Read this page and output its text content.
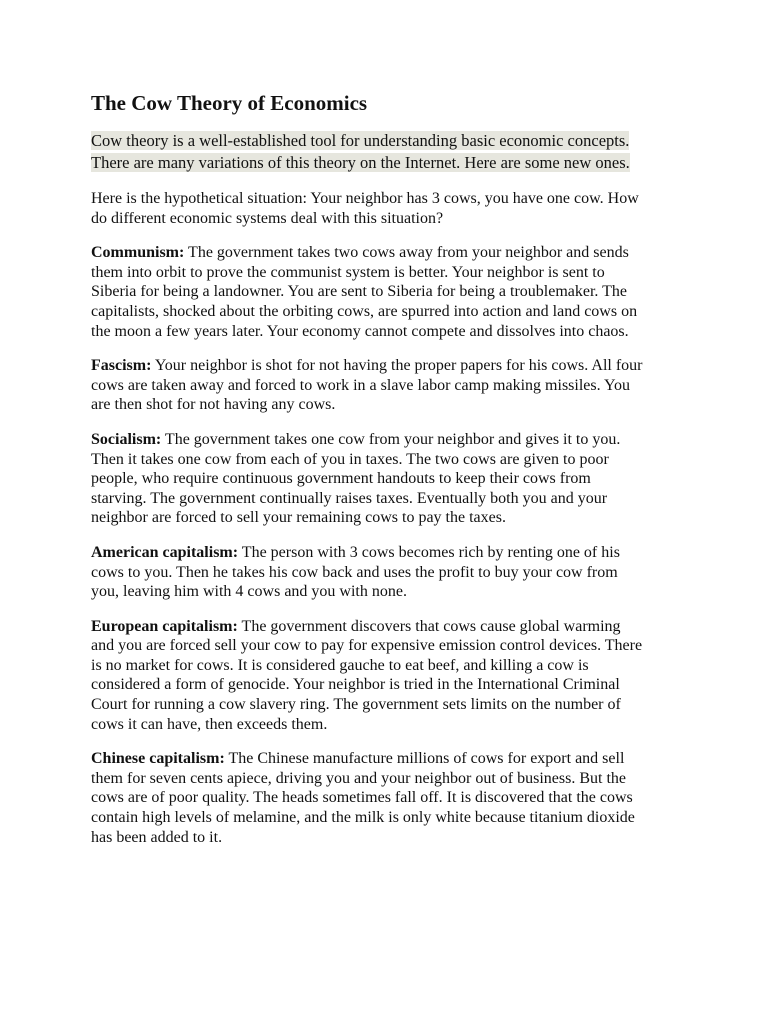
The Cow Theory of Economics

Cow theory is a well-established tool for understanding basic economic concepts.
There are many variations of this theory on the Internet. Here are some new ones.

Here is the hypothetical situation: Your neighbor has 3 cows, you have one cow. How
do different economic systems deal with this situation?

Communism: The government takes two cows away from your neighbor and sends
them into orbit to prove the communist system is better. Your neighbor is sent to
Siberia for being a landowner. You are sent to Siberia for being a troublemaker. The
capitalists, shocked about the orbiting cows, are spurred into action and land cows on
the moon a few years later. Your economy cannot compete and dissolves into chaos.

Fascism: Your neighbor is shot for not having the proper papers for his cows. All four
cows are taken away and forced to work in a slave labor camp making missiles. You
are then shot for not having any cows.

Socialism: The government takes one cow from your neighbor and gives it to you.
Then it takes one cow from each of you in taxes. The two cows are given to poor
people, who require continuous government handouts to keep their cows from
starving. The government continually raises taxes. Eventually both you and your
neighbor are forced to sell your remaining cows to pay the taxes.

American capitalism: The person with 3 cows becomes rich by renting one of his
cows to you. Then he takes his cow back and uses the profit to buy your cow from
you, leaving him with 4 cows and you with none.

European capitalism: The government discovers that cows cause global warming
and you are forced sell your cow to pay for expensive emission control devices. There
is no market for cows. It is considered gauche to eat beef, and killing a cow is
considered a form of genocide. Your neighbor is tried in the International Criminal
Court for running a cow slavery ring. The government sets limits on the number of
cows it can have, then exceeds them.

Chinese capitalism: The Chinese manufacture millions of cows for export and sell
them for seven cents apiece, driving you and your neighbor out of business. But the
cows are of poor quality. The heads sometimes fall off. It is discovered that the cows
contain high levels of melamine, and the milk is only white because titanium dioxide
has been added to it.
